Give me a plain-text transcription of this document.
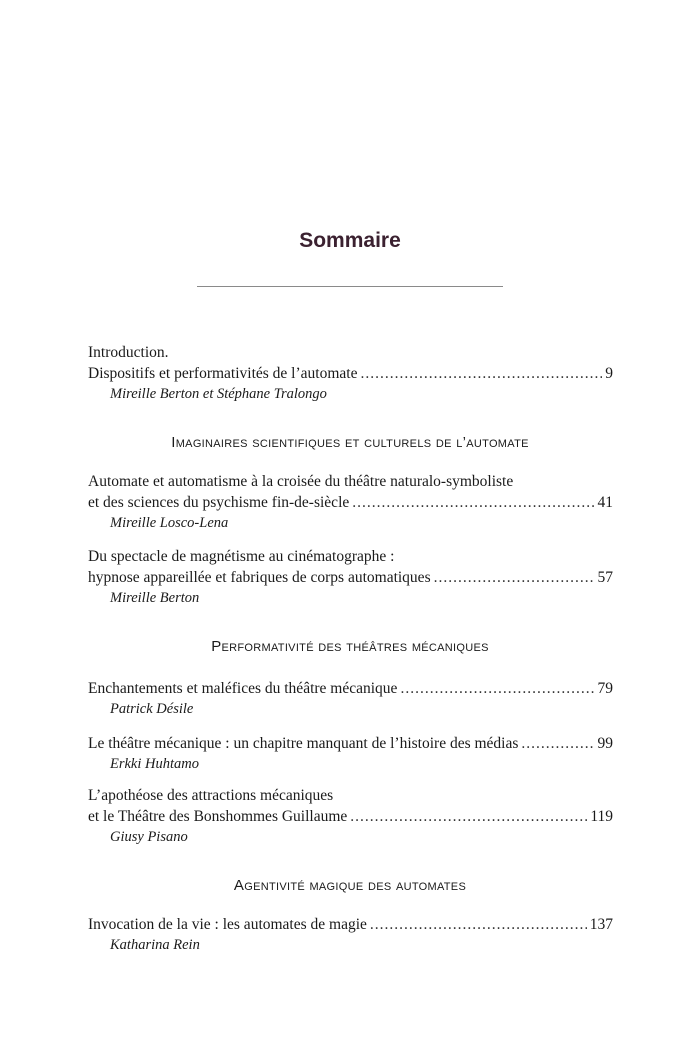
Sommaire
Introduction.
Dispositifs et performativités de l’automate .....	9
Mireille Berton et Stéphane Tralongo
Imaginaires scientifiques et culturels de l’automate
Automate et automatisme à la croisée du théâtre naturalo-symboliste
et des sciences du psychisme fin-de-siècle .....	41
Mireille Losco-Lena
Du spectacle de magnétisme au cinématographe :
hypnose appareillée et fabriques de corps automatiques .....	57
Mireille Berton
Performativité des théâtres mécaniques
Enchantements et maléfices du théâtre mécanique .....	79
Patrick Désile
Le théâtre mécanique : un chapitre manquant de l’histoire des médias .....	99
Erkki Huhtamo
L’apothéose des attractions mécaniques
et le Théâtre des Bonshommes Guillaume .....	119
Giusy Pisano
Agentivité magique des automates
Invocation de la vie : les automates de magie .....	137
Katharina Rein
